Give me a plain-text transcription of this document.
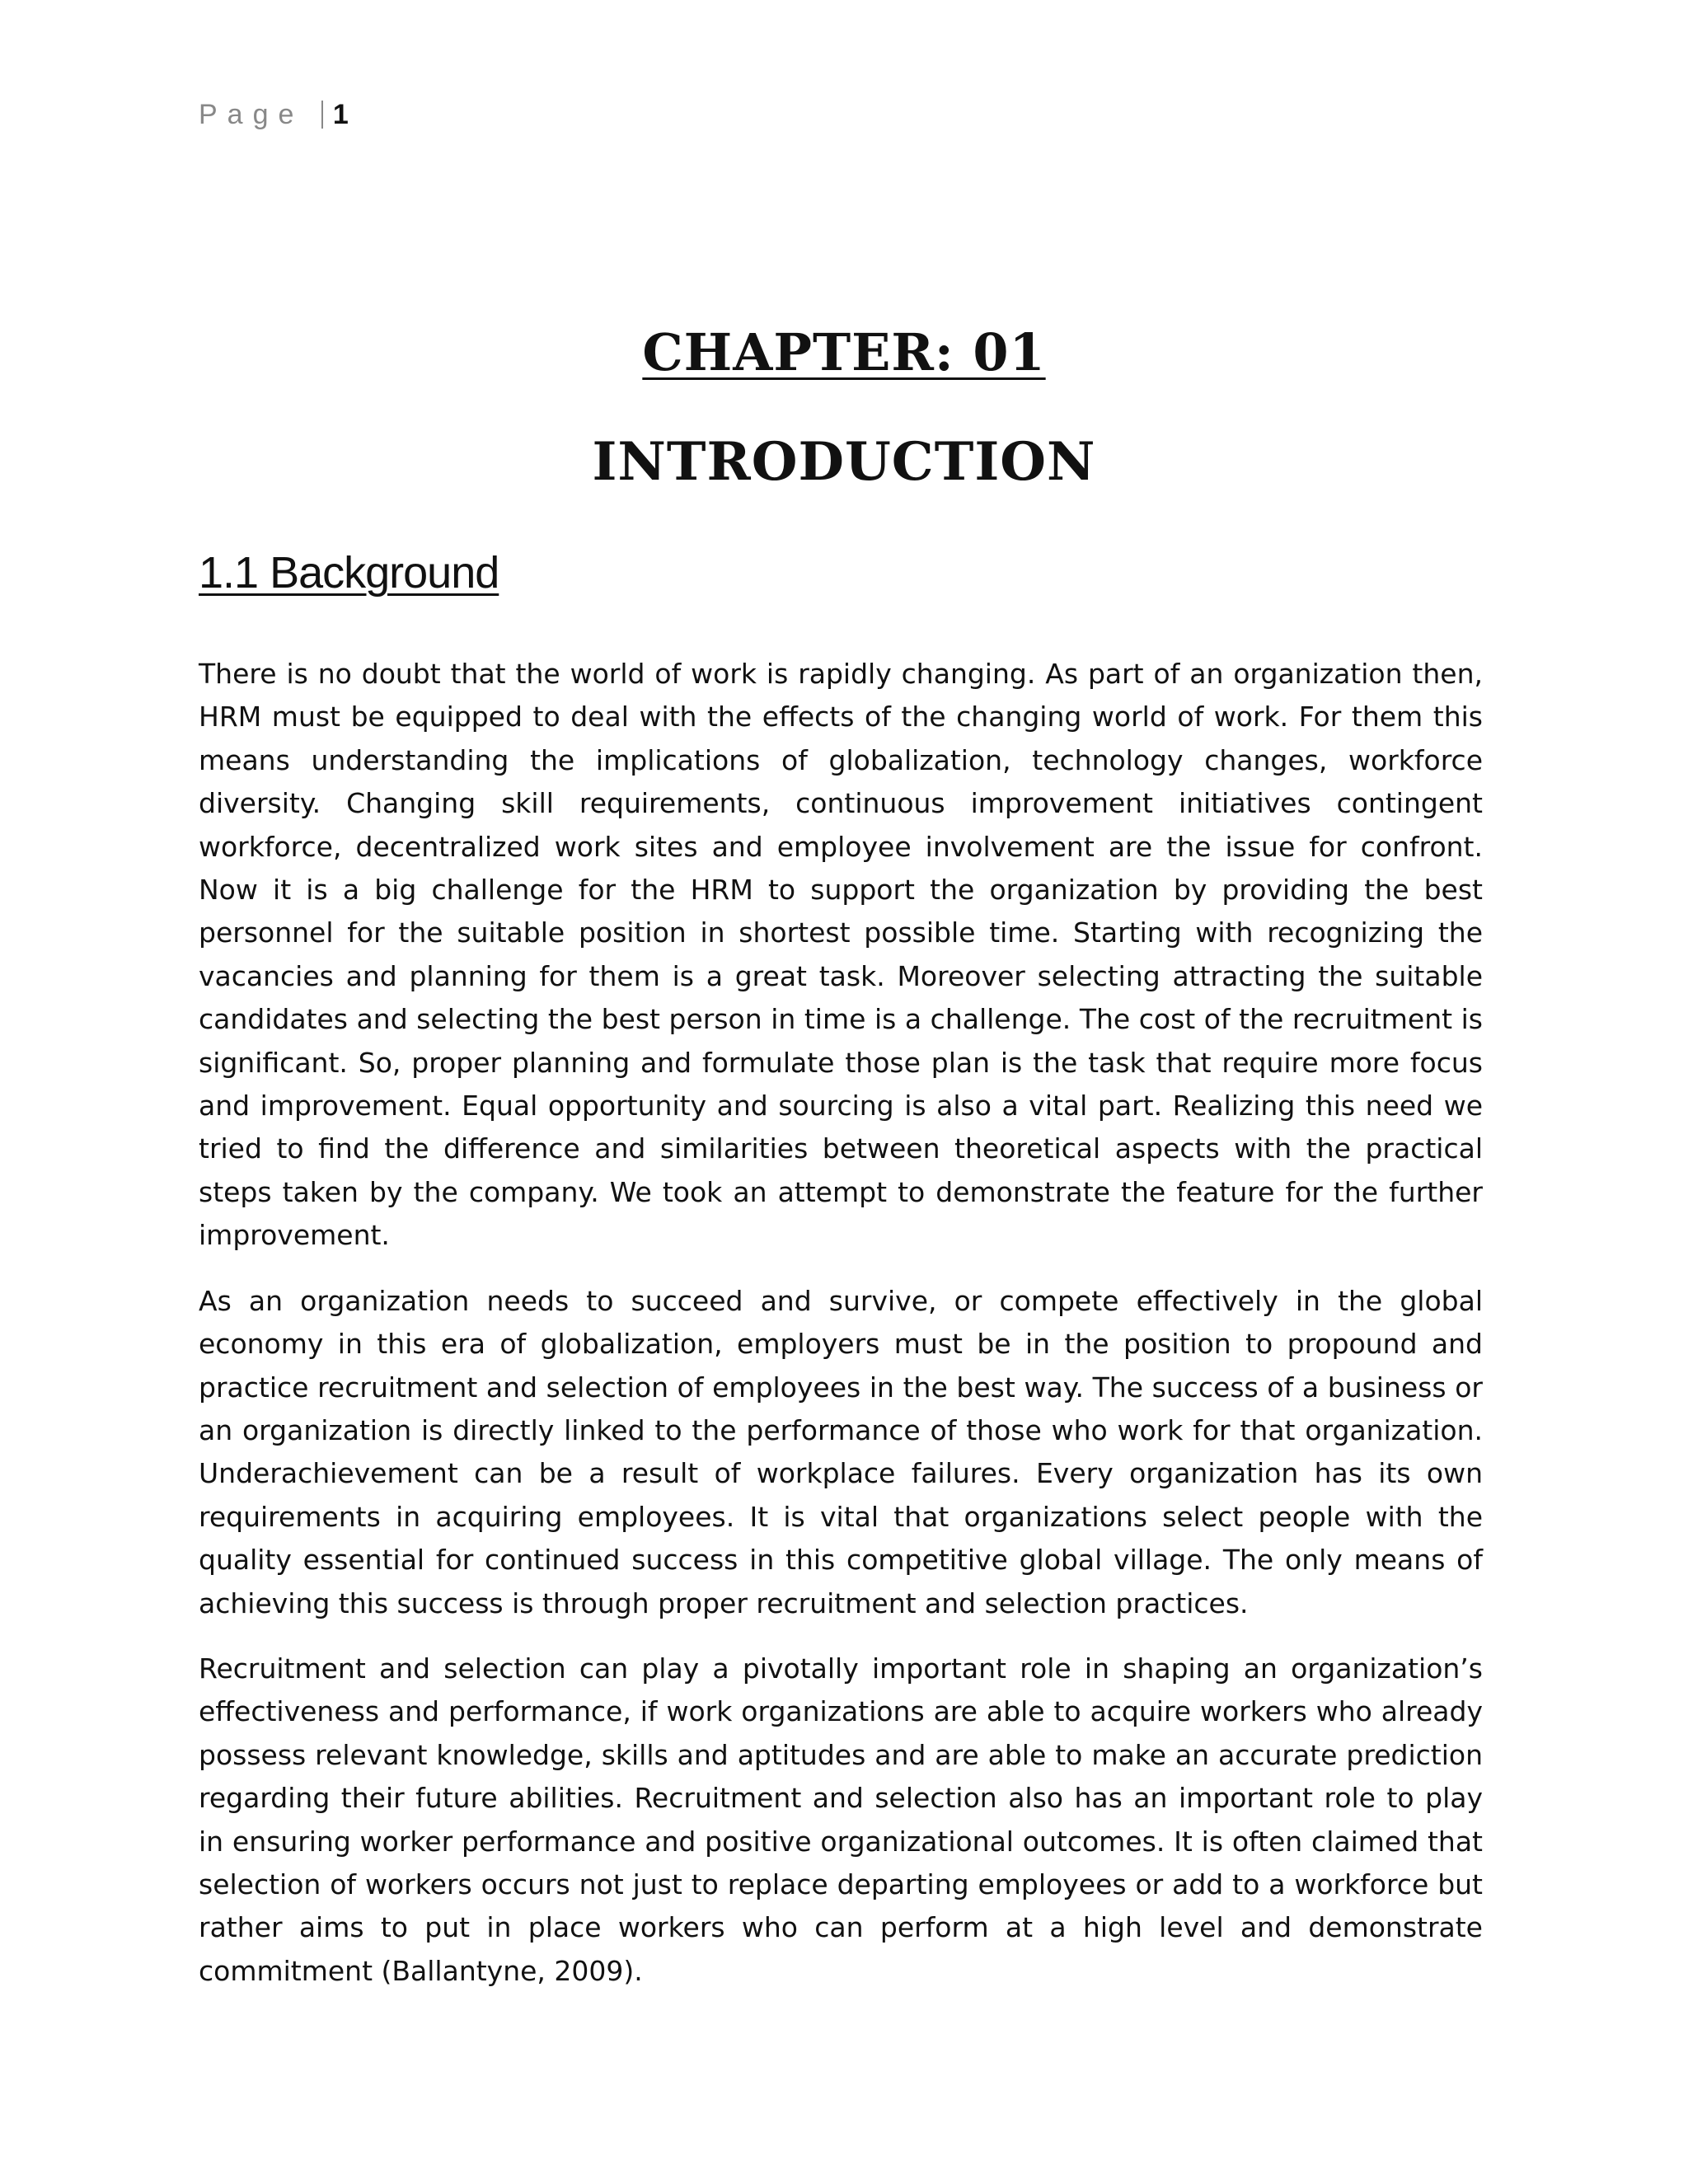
Page 1
CHAPTER: 01
INTRODUCTION
1.1 Background

There is no doubt that the world of work is rapidly changing. As part of an organization then, HRM must be equipped to deal with the effects of the changing world of work. For them this means understanding the implications of globalization, technology changes, workforce diversity. Changing skill requirements, continuous improvement initiatives contingent workforce, decentralized work sites and employee involvement are the issue for confront. Now it is a big challenge for the HRM to support the organization by providing the best personnel for the suitable position in shortest possible time. Starting with recognizing the vacancies and planning for them is a great task. Moreover selecting attracting the suitable candidates and selecting the best person in time is a challenge. The cost of the recruitment is significant. So, proper planning and formulate those plan is the task that require more focus and improvement. Equal opportunity and sourcing is also a vital part. Realizing this need we tried to find the difference and similarities between theoretical aspects with the practical steps taken by the company. We took an attempt to demonstrate the feature for the further improvement.

As an organization needs to succeed and survive, or compete effectively in the global economy in this era of globalization, employers must be in the position to propound and practice recruitment and selection of employees in the best way. The success of a business or an organization is directly linked to the performance of those who work for that organization. Underachievement can be a result of workplace failures. Every organization has its own requirements in acquiring employees. It is vital that organizations select people with the quality essential for continued success in this competitive global village. The only means of achieving this success is through proper recruitment and selection practices.

Recruitment and selection can play a pivotally important role in shaping an organization’s effectiveness and performance, if work organizations are able to acquire workers who already possess relevant knowledge, skills and aptitudes and are able to make an accurate prediction regarding their future abilities. Recruitment and selection also has an important role to play in ensuring worker performance and positive organizational outcomes. It is often claimed that selection of workers occurs not just to replace departing employees or add to a workforce but rather aims to put in place workers who can perform at a high level and demonstrate commitment (Ballantyne, 2009).
